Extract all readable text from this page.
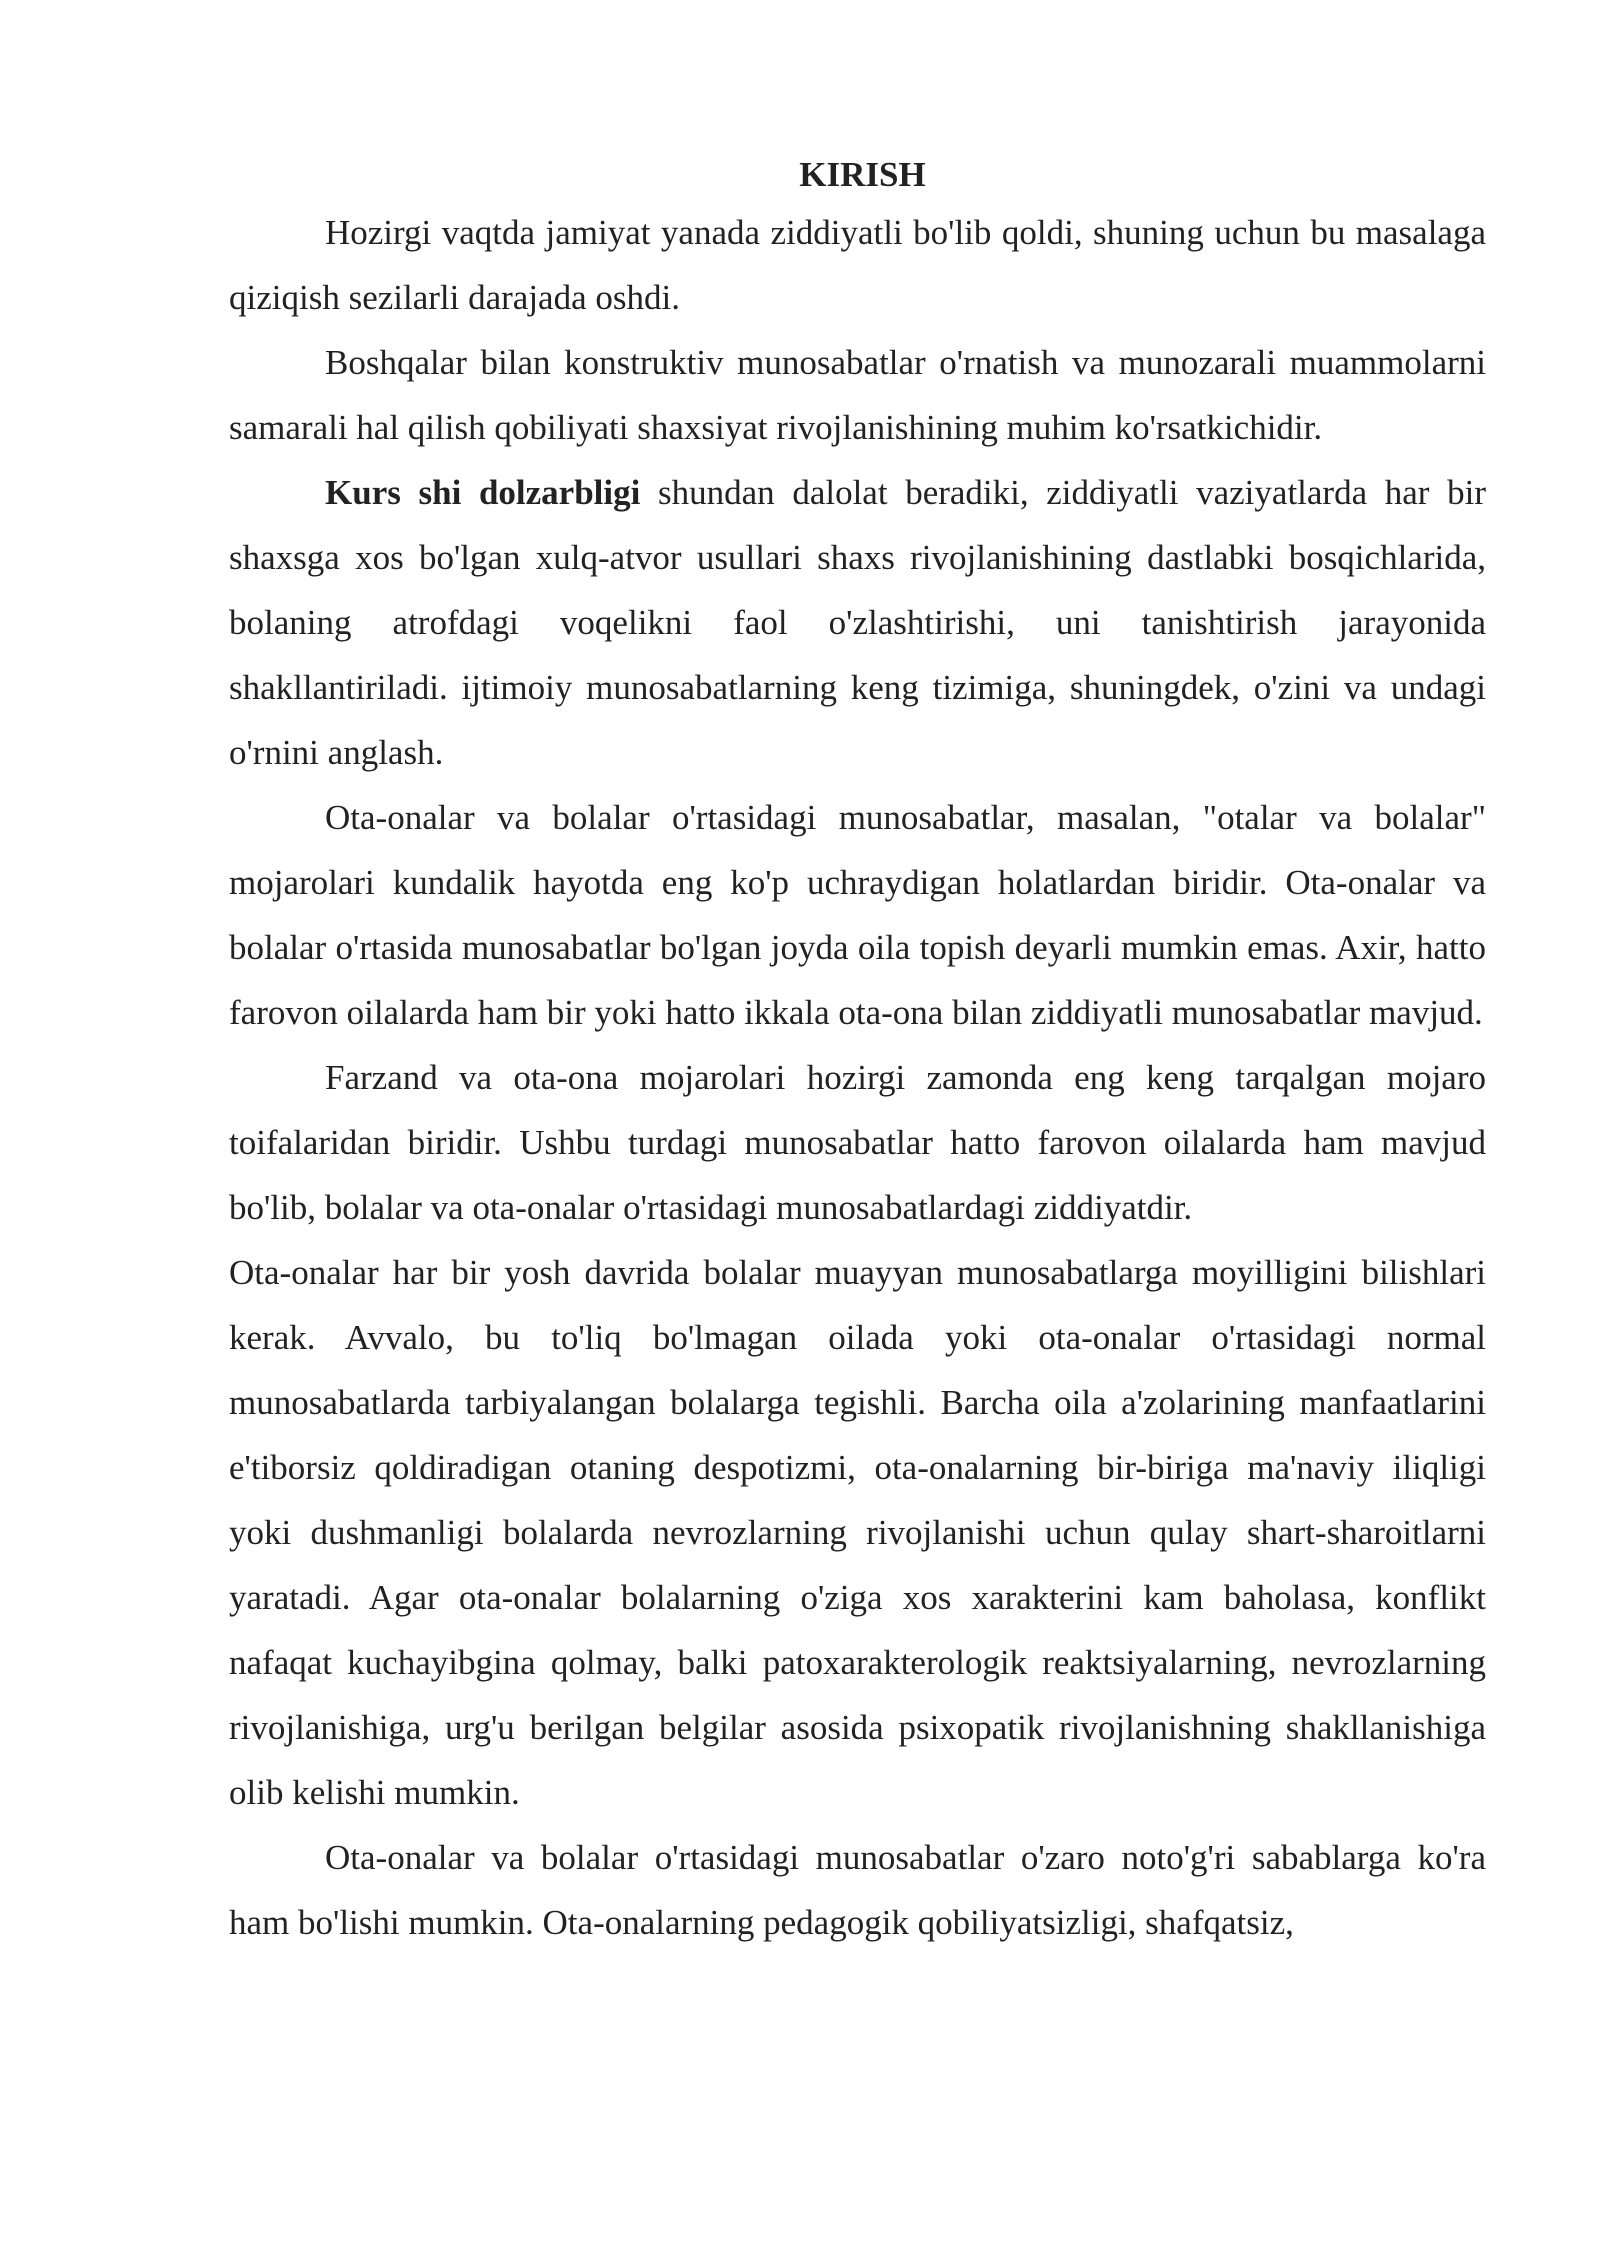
KIRISH

Hozirgi vaqtda jamiyat yanada ziddiyatli bo'lib qoldi, shuning uchun bu masalaga qiziqish sezilarli darajada oshdi.

Boshqalar bilan konstruktiv munosabatlar o'rnatish va munozarali muammolarni samarali hal qilish qobiliyati shaxsiyat rivojlanishining muhim ko'rsatkichidir.

Kurs shi dolzarbligi shundan dalolat beradiki, ziddiyatli vaziyatlarda har bir shaxsga xos bo'lgan xulq-atvor usullari shaxs rivojlanishining dastlabki bosqichlarida, bolaning atrofdagi voqelikni faol o'zlashtirishi, uni tanishtirish jarayonida shakllantiriladi. ijtimoiy munosabatlarning keng tizimiga, shuningdek, o'zini va undagi o'rnini anglash.

Ota-onalar va bolalar o'rtasidagi munosabatlar, masalan, "otalar va bolalar" mojarolari kundalik hayotda eng ko'p uchraydigan holatlardan biridir. Ota-onalar va bolalar o'rtasida munosabatlar bo'lgan joyda oila topish deyarli mumkin emas. Axir, hatto farovon oilalarda ham bir yoki hatto ikkala ota-ona bilan ziddiyatli munosabatlar mavjud.

Farzand va ota-ona mojarolari hozirgi zamonda eng keng tarqalgan mojaro toifalaridan biridir. Ushbu turdagi munosabatlar hatto farovon oilalarda ham mavjud bo'lib, bolalar va ota-onalar o'rtasidagi munosabatlardagi ziddiyatdir.

Ota-onalar har bir yosh davrida bolalar muayyan munosabatlarga moyilligini bilishlari kerak. Avvalo, bu to'liq bo'lmagan oilada yoki ota-onalar o'rtasidagi normal munosabatlarda tarbiyalangan bolalarga tegishli. Barcha oila a'zolarining manfaatlarini e'tiborsiz qoldiradigan otaning despotizmi, ota-onalarning bir-biriga ma'naviy iliqligi yoki dushmanligi bolalarda nevrozlarning rivojlanishi uchun qulay shart-sharoitlarni yaratadi. Agar ota-onalar bolalarning o'ziga xos xarakterini kam baholasa, konflikt nafaqat kuchayibgina qolmay, balki patoxarakterologik reaktsiyalarning, nevrozlarning rivojlanishiga, urg'u berilgan belgilar asosida psixopatik rivojlanishning shakllanishiga olib kelishi mumkin.

Ota-onalar va bolalar o'rtasidagi munosabatlar o'zaro noto'g'ri sabablarga ko'ra ham bo'lishi mumkin. Ota-onalarning pedagogik qobiliyatsizligi, shafqatsiz,
